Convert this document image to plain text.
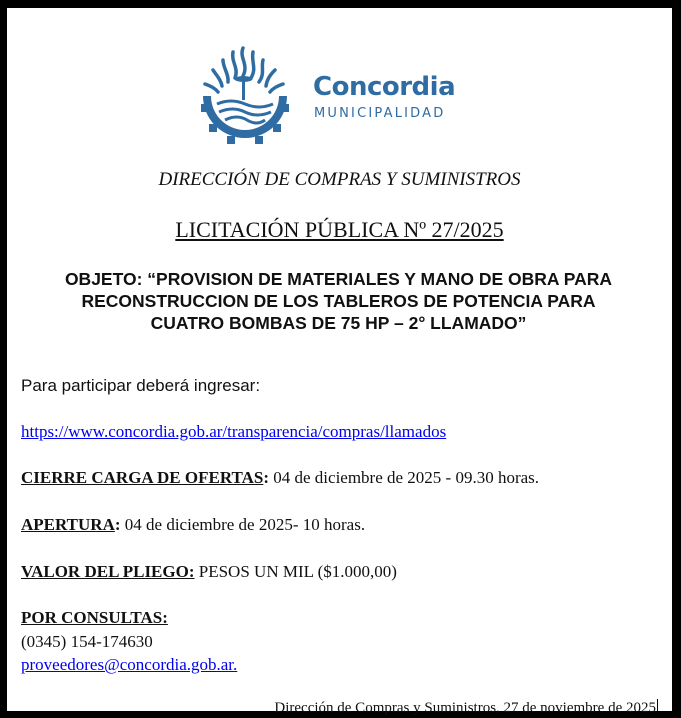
Concordia
MUNICIPALIDAD
DIRECCIÓN DE COMPRAS Y SUMINISTROS
LICITACIÓN PÚBLICA Nº 27/2025
OBJETO: “PROVISION DE MATERIALES Y MANO DE OBRA PARA
RECONSTRUCCION DE LOS TABLEROS DE POTENCIA PARA
CUATRO BOMBAS DE 75 HP – 2° LLAMADO”
Para participar deberá ingresar:
https://www.concordia.gob.ar/transparencia/compras/llamados
CIERRE CARGA DE OFERTAS: 04 de diciembre de 2025 - 09.30 horas.
APERTURA: 04 de diciembre de 2025- 10 horas.
VALOR DEL PLIEGO: PESOS UN MIL ($1.000,00)
POR CONSULTAS:
(0345) 154-174630
proveedores@concordia.gob.ar.
Dirección de Compras y Suministros, 27 de noviembre de 2025
